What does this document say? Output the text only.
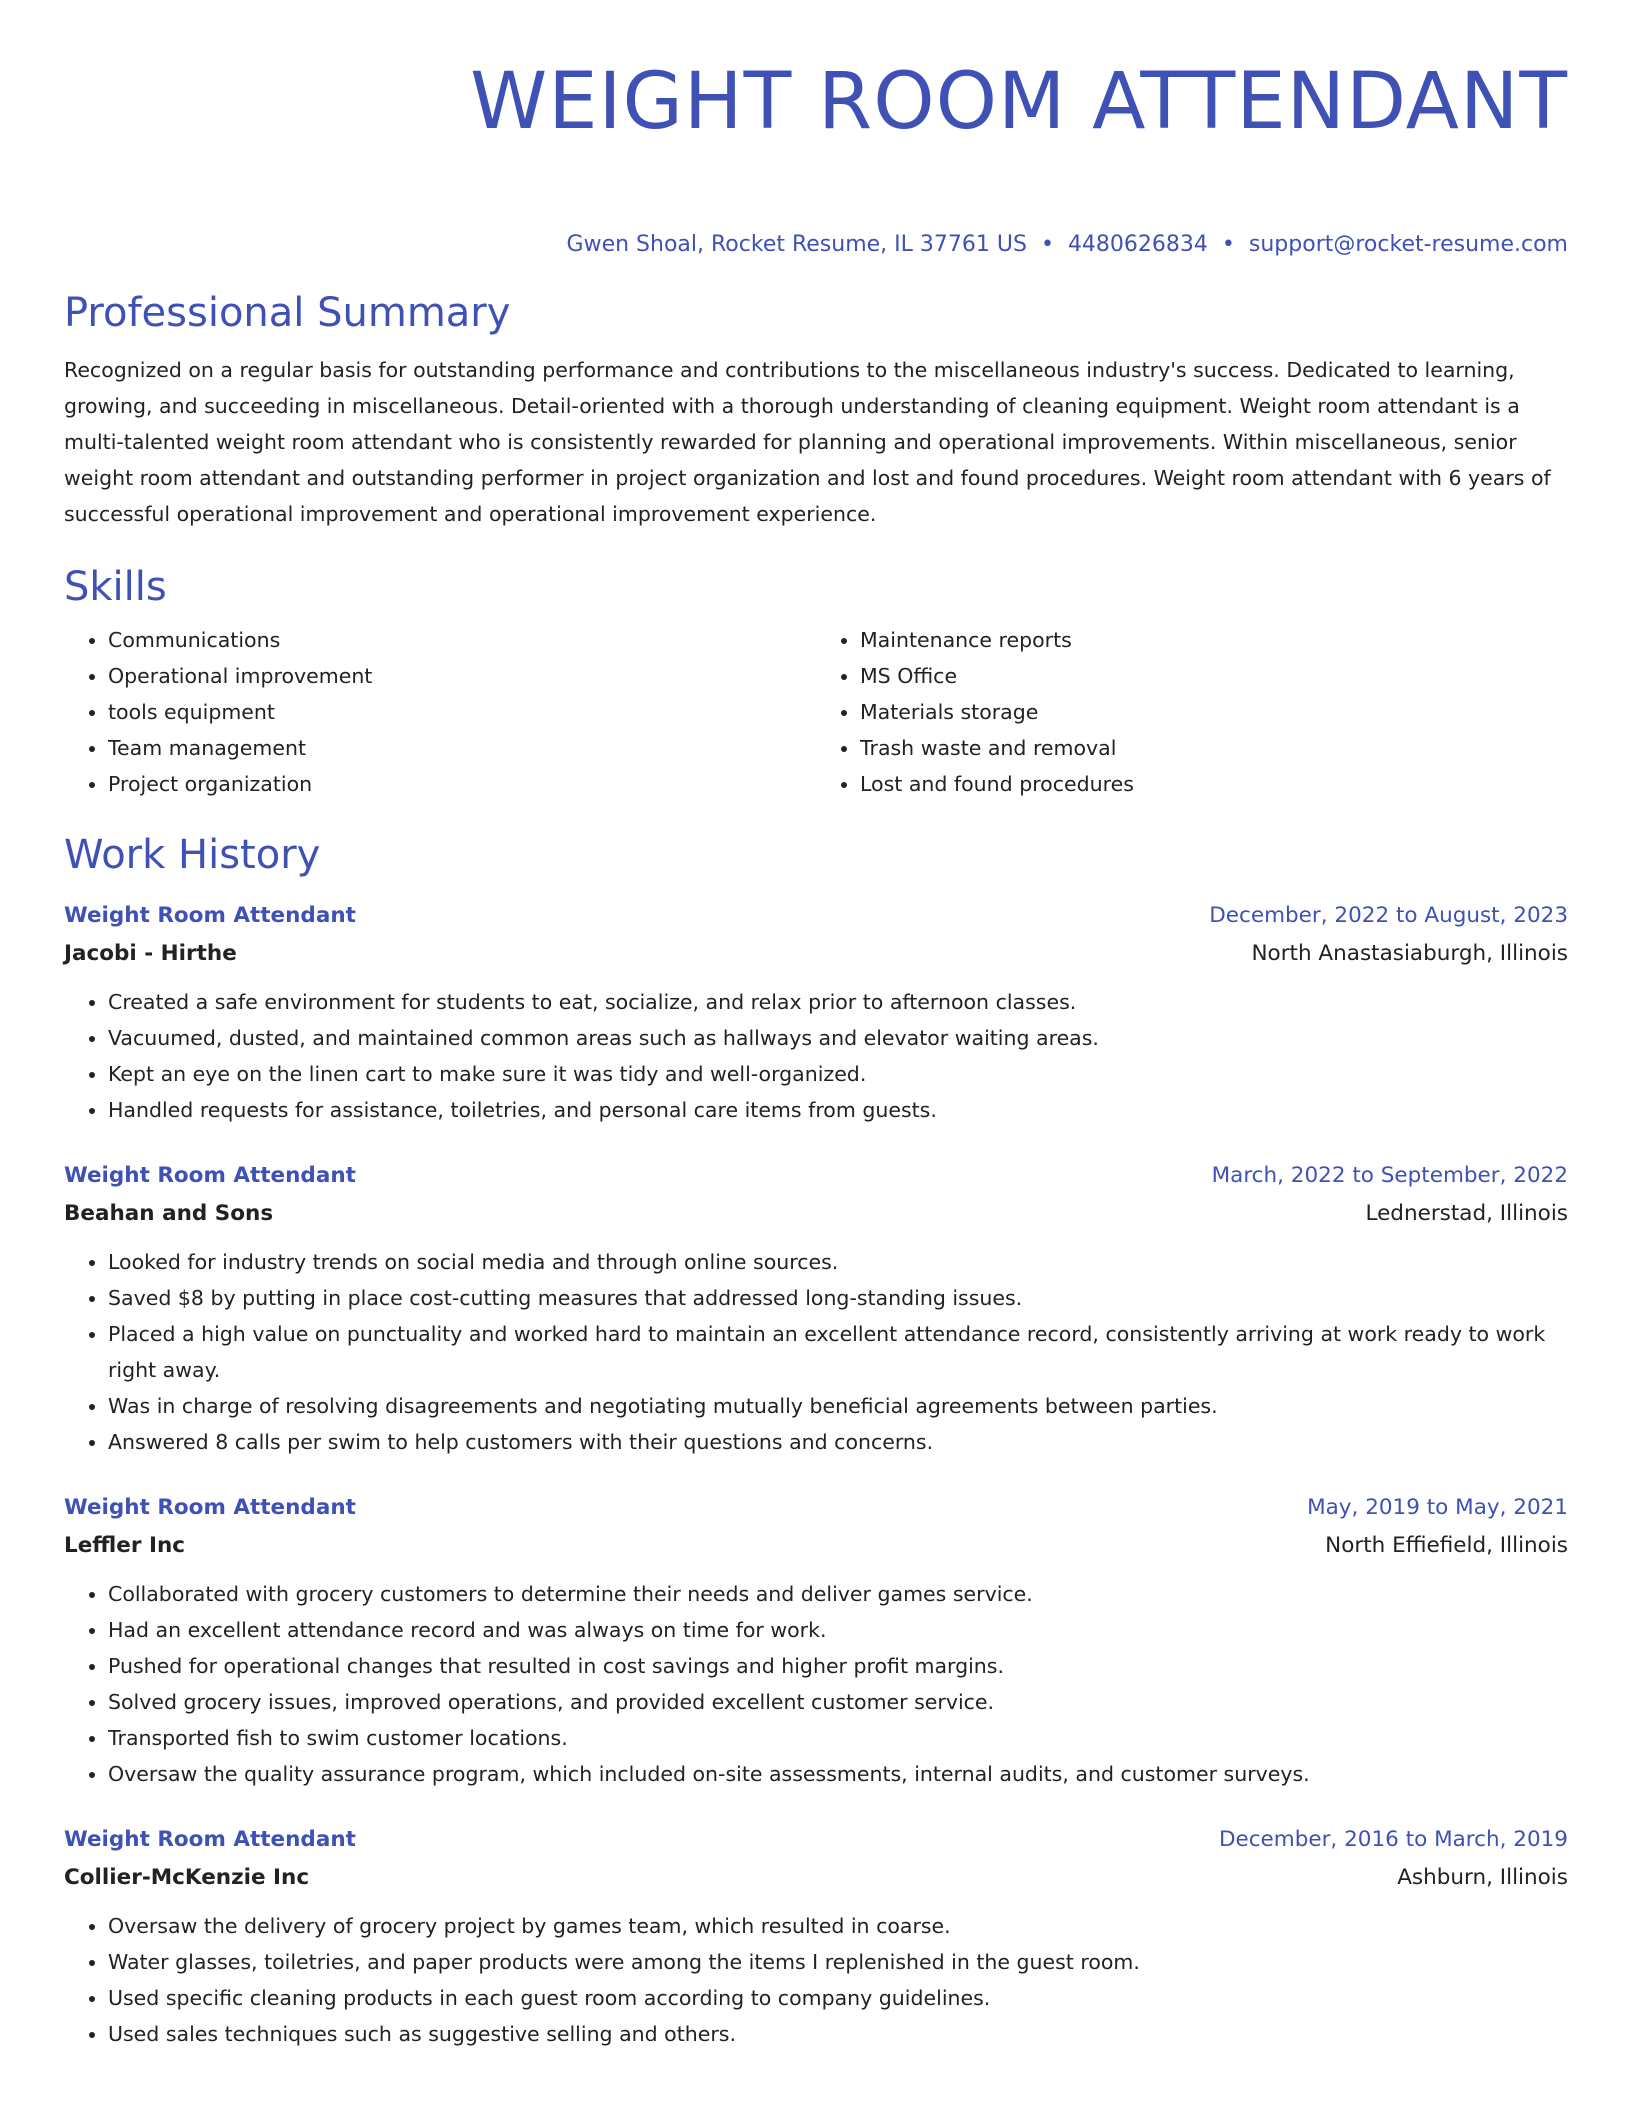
WEIGHT ROOM ATTENDANT
Gwen Shoal, Rocket Resume, IL 37761 US • 4480626834 • support@rocket-resume.com
Professional Summary

Recognized on a regular basis for outstanding performance and contributions to the miscellaneous industry's success. Dedicated to learning, growing, and succeeding in miscellaneous. Detail-oriented with a thorough understanding of cleaning equipment. Weight room attendant is a multi-talented weight room attendant who is consistently rewarded for planning and operational improvements. Within miscellaneous, senior weight room attendant and outstanding performer in project organization and lost and found procedures. Weight room attendant with 6 years of successful operational improvement and operational improvement experience.

Skills
• Communications
• Operational improvement
• tools equipment
• Team management
• Project organization
• Maintenance reports
• MS Office
• Materials storage
• Trash waste and removal
• Lost and found procedures
Work History
Weight Room Attendant	December, 2022 to August, 2023
Jacobi - Hirthe	North Anastasiaburgh, Illinois
• Created a safe environment for students to eat, socialize, and relax prior to afternoon classes.
• Vacuumed, dusted, and maintained common areas such as hallways and elevator waiting areas.
• Kept an eye on the linen cart to make sure it was tidy and well-organized.
• Handled requests for assistance, toiletries, and personal care items from guests.
Weight Room Attendant	March, 2022 to September, 2022
Beahan and Sons	Lednerstad, Illinois
• Looked for industry trends on social media and through online sources.
• Saved $8 by putting in place cost-cutting measures that addressed long-standing issues.
• Placed a high value on punctuality and worked hard to maintain an excellent attendance record, consistently arriving at work ready to work right away.
• Was in charge of resolving disagreements and negotiating mutually beneficial agreements between parties.
• Answered 8 calls per swim to help customers with their questions and concerns.
Weight Room Attendant	May, 2019 to May, 2021
Leffler Inc	North Effiefield, Illinois
• Collaborated with grocery customers to determine their needs and deliver games service.
• Had an excellent attendance record and was always on time for work.
• Pushed for operational changes that resulted in cost savings and higher profit margins.
• Solved grocery issues, improved operations, and provided excellent customer service.
• Transported fish to swim customer locations.
• Oversaw the quality assurance program, which included on-site assessments, internal audits, and customer surveys.
Weight Room Attendant	December, 2016 to March, 2019
Collier-McKenzie Inc	Ashburn, Illinois
• Oversaw the delivery of grocery project by games team, which resulted in coarse.
• Water glasses, toiletries, and paper products were among the items I replenished in the guest room.
• Used specific cleaning products in each guest room according to company guidelines.
• Used sales techniques such as suggestive selling and others.
